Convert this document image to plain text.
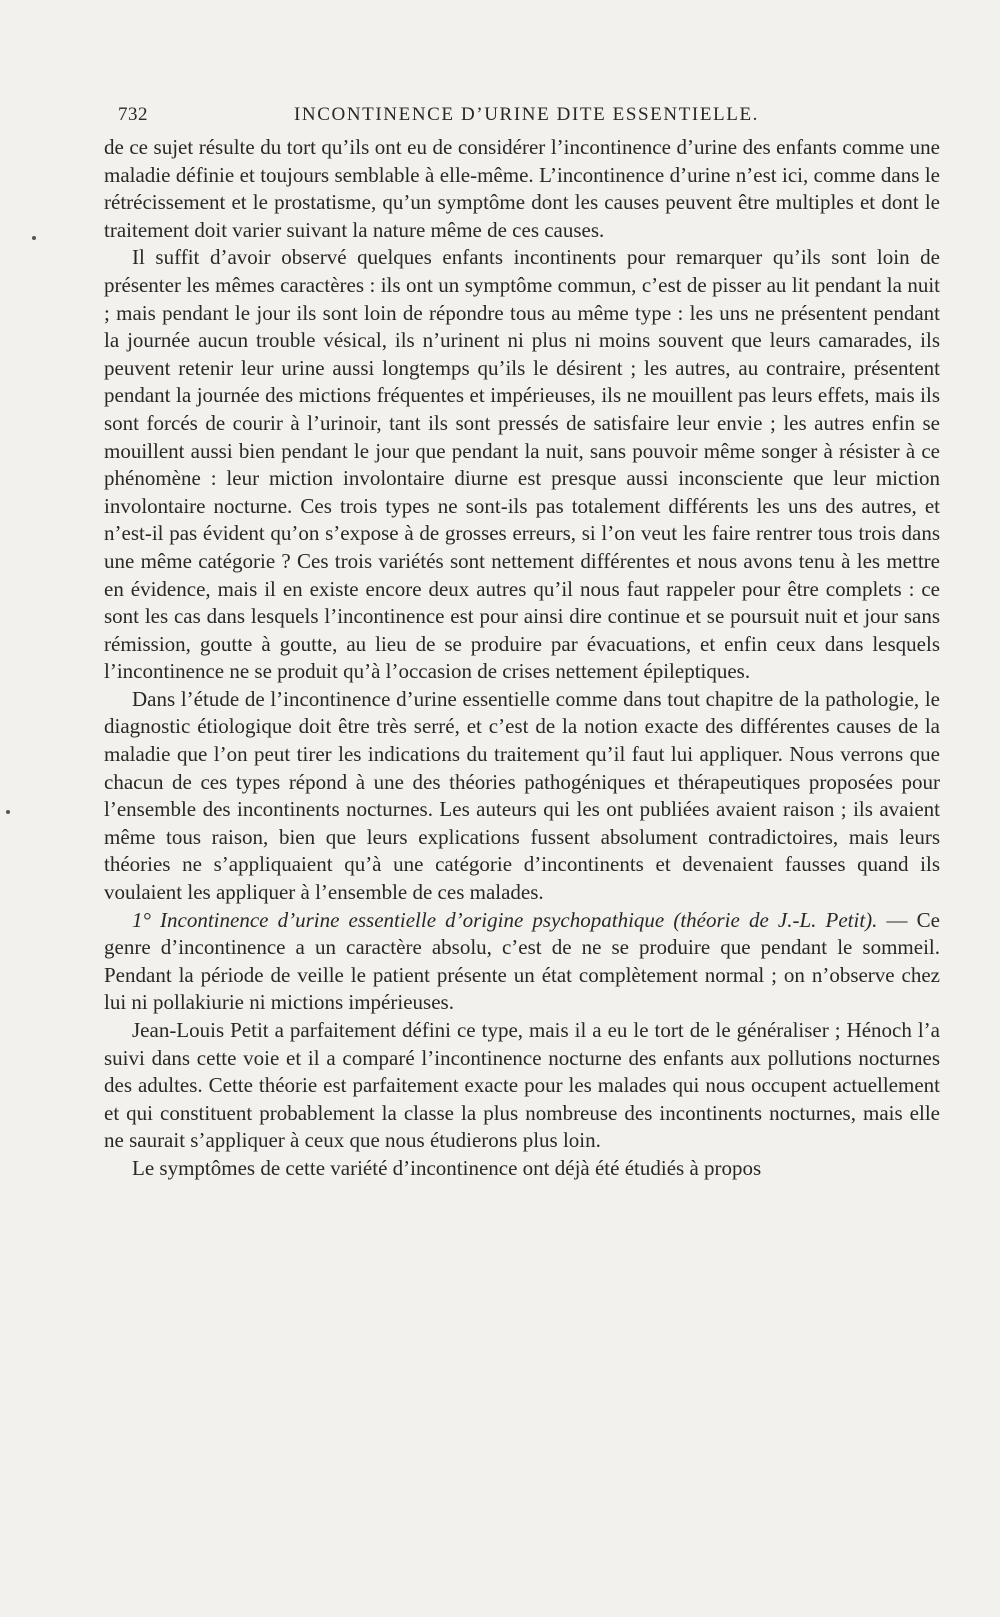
732	INCONTINENCE D’URINE DITE ESSENTIELLE.

de ce sujet résulte du tort qu’ils ont eu de considérer l’incontinence d’urine des enfants comme une maladie définie et toujours semblable à elle-même. L’incontinence d’urine n’est ici, comme dans le rétrécissement et le prostatisme, qu’un symptôme dont les causes peuvent être multiples et dont le traitement doit varier suivant la nature même de ces causes.

Il suffit d’avoir observé quelques enfants incontinents pour remarquer qu’ils sont loin de présenter les mêmes caractères : ils ont un symptôme commun, c’est de pisser au lit pendant la nuit ; mais pendant le jour ils sont loin de répondre tous au même type : les uns ne présentent pendant la journée aucun trouble vésical, ils n’urinent ni plus ni moins souvent que leurs camarades, ils peuvent retenir leur urine aussi longtemps qu’ils le désirent ; les autres, au contraire, présentent pendant la journée des mictions fréquentes et impérieuses, ils ne mouillent pas leurs effets, mais ils sont forcés de courir à l’urinoir, tant ils sont pressés de satisfaire leur envie ; les autres enfin se mouillent aussi bien pendant le jour que pendant la nuit, sans pouvoir même songer à résister à ce phénomène : leur miction involontaire diurne est presque aussi inconsciente que leur miction involontaire nocturne. Ces trois types ne sont-ils pas totalement différents les uns des autres, et n’est-il pas évident qu’on s’expose à de grosses erreurs, si l’on veut les faire rentrer tous trois dans une même catégorie ? Ces trois variétés sont nettement différentes et nous avons tenu à les mettre en évidence, mais il en existe encore deux autres qu’il nous faut rappeler pour être complets : ce sont les cas dans lesquels l’incontinence est pour ainsi dire continue et se poursuit nuit et jour sans rémission, goutte à goutte, au lieu de se produire par évacuations, et enfin ceux dans lesquels l’incontinence ne se produit qu’à l’occasion de crises nettement épileptiques.

Dans l’étude de l’incontinence d’urine essentielle comme dans tout chapitre de la pathologie, le diagnostic étiologique doit être très serré, et c’est de la notion exacte des différentes causes de la maladie que l’on peut tirer les indications du traitement qu’il faut lui appliquer. Nous verrons que chacun de ces types répond à une des théories pathogéniques et thérapeutiques proposées pour l’ensemble des incontinents nocturnes. Les auteurs qui les ont publiées avaient raison ; ils avaient même tous raison, bien que leurs explications fussent absolument contradictoires, mais leurs théories ne s’appliquaient qu’à une catégorie d’incontinents et devenaient fausses quand ils voulaient les appliquer à l’ensemble de ces malades.

1° Incontinence d’urine essentielle d’origine psychopathique (théorie de J.-L. Petit). — Ce genre d’incontinence a un caractère absolu, c’est de ne se produire que pendant le sommeil. Pendant la période de veille le patient présente un état complètement normal ; on n’observe chez lui ni pollakiurie ni mictions impérieuses.

Jean-Louis Petit a parfaitement défini ce type, mais il a eu le tort de le généraliser ; Hénoch l’a suivi dans cette voie et il a comparé l’incontinence nocturne des enfants aux pollutions nocturnes des adultes. Cette théorie est parfaitement exacte pour les malades qui nous occupent actuellement et qui constituent probablement la classe la plus nombreuse des incontinents nocturnes, mais elle ne saurait s’appliquer à ceux que nous étudierons plus loin.

Le symptômes de cette variété d’incontinence ont déjà été étudiés à propos
